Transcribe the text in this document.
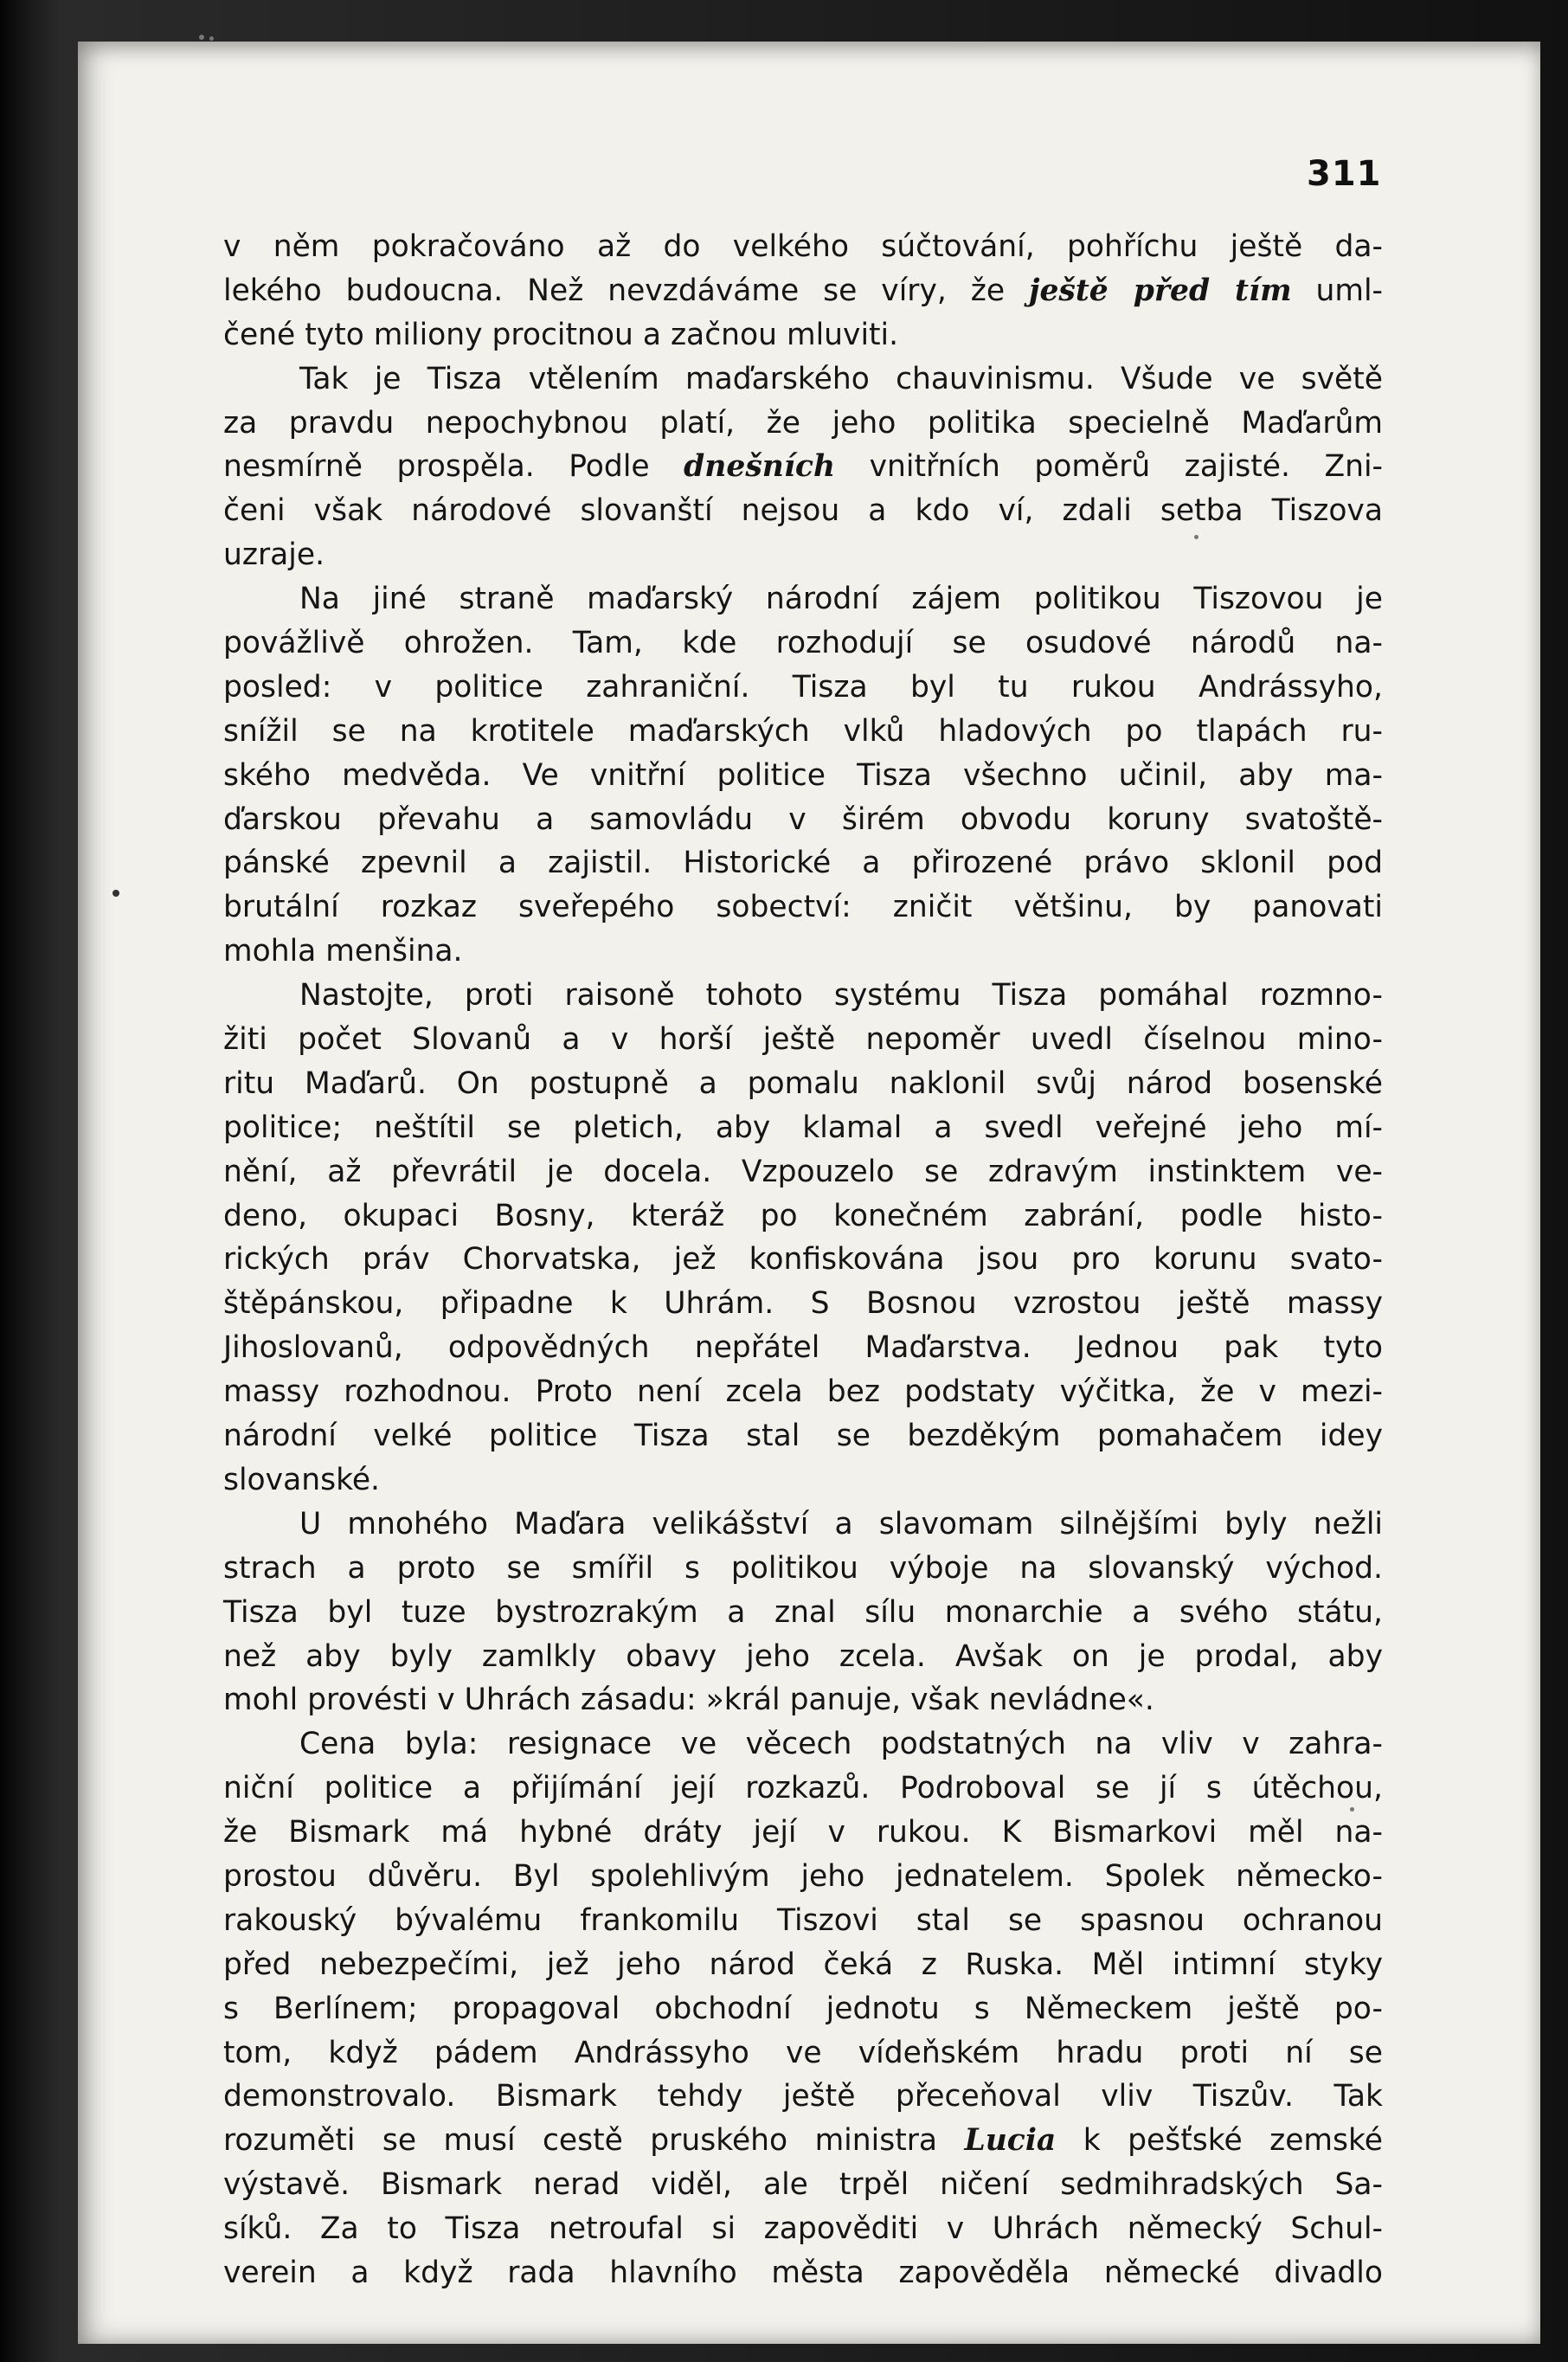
311
v něm pokračováno až do velkého súčtování, pohříchu ještě da-
lekého budoucna. Než nevzdáváme se víry, že ještě před tím uml-
čené tyto miliony procitnou a začnou mluviti.
Tak je Tisza vtělením maďarského chauvinismu. Všude ve světě
za pravdu nepochybnou platí, že jeho politika specielně Maďarům
nesmírně prospěla. Podle dnešních vnitřních poměrů zajisté. Zni-
čeni však národové slovanští nejsou a kdo ví, zdali setba Tiszova
uzraje.
Na jiné straně maďarský národní zájem politikou Tiszovou je
povážlivě ohrožen. Tam, kde rozhodují se osudové národů na-
posled: v politice zahraniční. Tisza byl tu rukou Andrássyho,
snížil se na krotitele maďarských vlků hladových po tlapách ru-
ského medvěda. Ve vnitřní politice Tisza všechno učinil, aby ma-
ďarskou převahu a samovládu v širém obvodu koruny svatoště-
pánské zpevnil a zajistil. Historické a přirozené právo sklonil pod
brutální rozkaz sveřepého sobectví: zničit většinu, by panovati
mohla menšina.
Nastojte, proti raisoně tohoto systému Tisza pomáhal rozmno-
žiti počet Slovanů a v horší ještě nepoměr uvedl číselnou mino-
ritu Maďarů. On postupně a pomalu naklonil svůj národ bosenské
politice; neštítil se pletich, aby klamal a svedl veřejné jeho mí-
nění, až převrátil je docela. Vzpouzelo se zdravým instinktem ve-
deno, okupaci Bosny, kteráž po konečném zabrání, podle histo-
rických práv Chorvatska, jež konfiskována jsou pro korunu svato-
štěpánskou, připadne k Uhrám. S Bosnou vzrostou ještě massy
Jihoslovanů, odpovědných nepřátel Maďarstva. Jednou pak tyto
massy rozhodnou. Proto není zcela bez podstaty výčitka, že v mezi-
národní velké politice Tisza stal se bezděkým pomahačem idey
slovanské.
U mnohého Maďara velikášství a slavomam silnějšími byly nežli
strach a proto se smířil s politikou výboje na slovanský východ.
Tisza byl tuze bystrozrakým a znal sílu monarchie a svého státu,
než aby byly zamlkly obavy jeho zcela. Avšak on je prodal, aby
mohl provésti v Uhrách zásadu: »král panuje, však nevládne«.
Cena byla: resignace ve věcech podstatných na vliv v zahra-
niční politice a přijímání její rozkazů. Podroboval se jí s útěchou,
že Bismark má hybné dráty její v rukou. K Bismarkovi měl na-
prostou důvěru. Byl spolehlivým jeho jednatelem. Spolek německo-
rakouský bývalému frankomilu Tiszovi stal se spasnou ochranou
před nebezpečími, jež jeho národ čeká z Ruska. Měl intimní styky
s Berlínem; propagoval obchodní jednotu s Německem ještě po-
tom, když pádem Andrássyho ve vídeňském hradu proti ní se
demonstrovalo. Bismark tehdy ještě přeceňoval vliv Tiszův. Tak
rozuměti se musí cestě pruského ministra Lucia k pešťské zemské
výstavě. Bismark nerad viděl, ale trpěl ničení sedmihradských Sa-
síků. Za to Tisza netroufal si zapověditi v Uhrách německý Schul-
verein a když rada hlavního města zapověděla německé divadlo
